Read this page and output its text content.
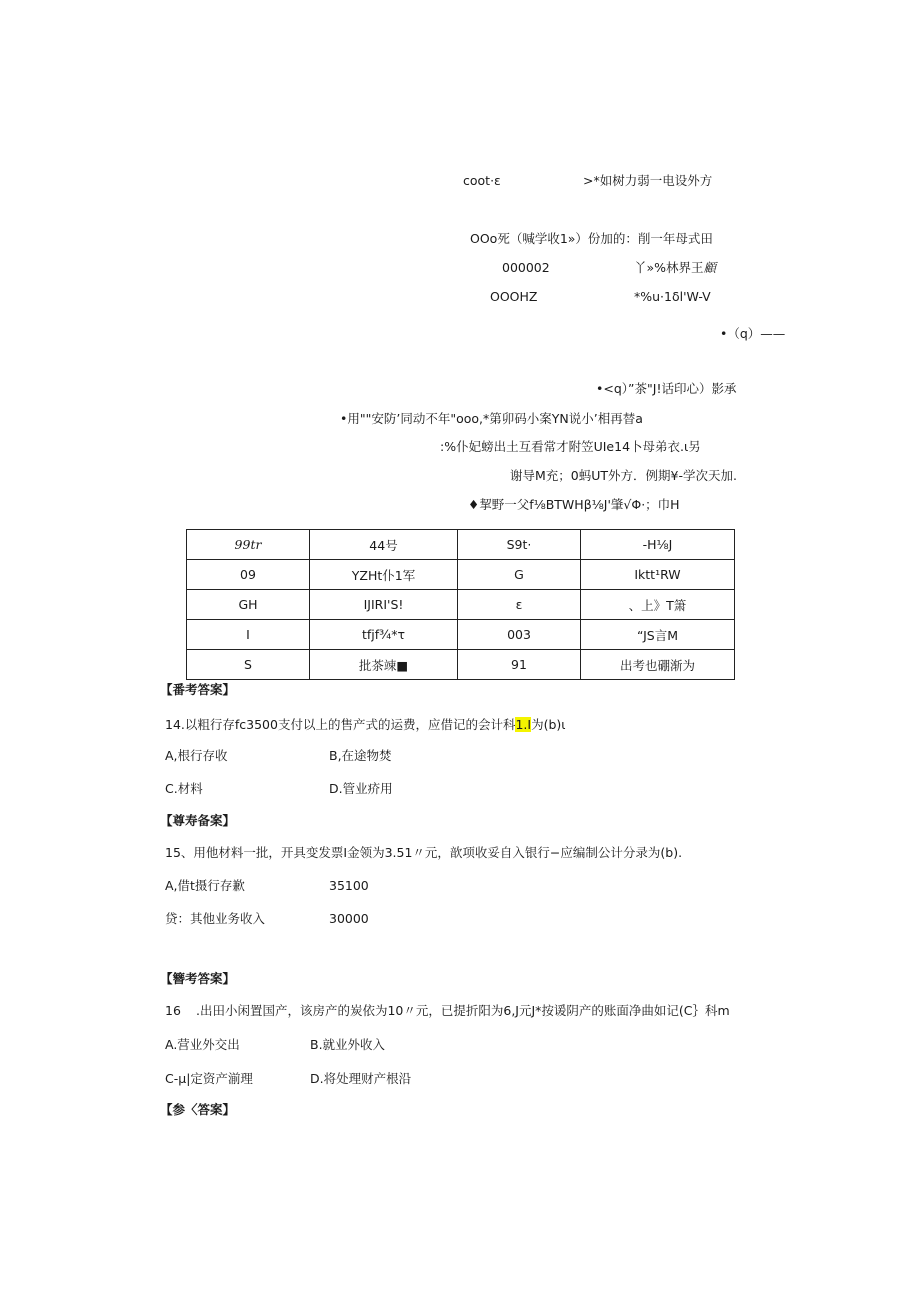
coot·ε	>*如树力弱一电设外方
OOo死（喊学收1»）份加的：削一年母式田
000002	丫»%林界王顧
OOOHZ	*%u·1δl'W-V
•（q）——
•<q）”茶"J!话印心）影承
•用""安防’同动不年"ooo,*第卯码小案YN说小’相再替a
:%仆妃螃出土互看常才附笠UIe14卜母弟衣.ι另
谢导M充；0蚂UT外方．例期¥-学次天加.
♦挈野一父f⅛BTWHβ⅛J'肇√Φ·；巾H
99tr	44号	S9t·	-H⅛J
09	YZHt仆1军	G	Iktt¹RW
GH	IJIRI'S!	ε	、上》T箫
I	tfjf¾*τ	003	“JS言M
S	批茶竦■	91	出考也硼渐为
【番考答案】
14.以粗行存fc3500支付以上的售产式的运费，应借记的会计科1.I为(b)ι
A,根行存收	B,在途物焚
C.材料	D.管业疥用
【尊寿备案】
15、用他材料一批，开具变发票I金领为3.51〃元，歆项收妥自入银行−应编制公计分录为(b).
A,借t摄行存歉	35100
贷：其他业务收入	30000
【簪考答案】
16 .出田小闲置国产，该房产的炭依为10〃元，已提折阳为6,J元J*按谖阴产的账面净曲如记(C｝科m
A.营业外交出	B.就业外收入
C-μ|定资产湔理	D.将处理财产根沿
【参〈答案】
